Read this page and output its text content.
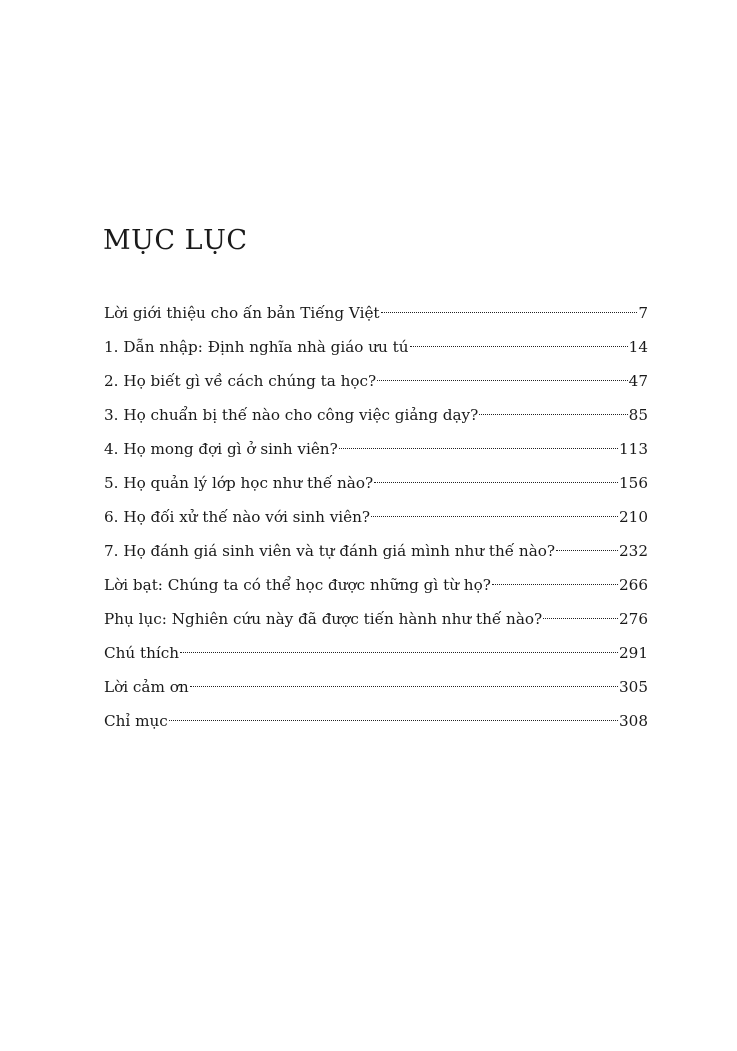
MỤC LỤC
Lời giới thiệu cho ấn bản Tiếng Việt	7
1. Dẫn nhập: Định nghĩa nhà giáo ưu tú	14
2. Họ biết gì về cách chúng ta học?	47
3. Họ chuẩn bị thế nào cho công việc giảng dạy?	85
4. Họ mong đợi gì ở sinh viên?	113
5. Họ quản lý lớp học như thế nào?	156
6. Họ đối xử thế nào với sinh viên?	210
7. Họ đánh giá sinh viên và tự đánh giá mình như thế nào?	232
Lời bạt: Chúng ta có thể học được những gì từ họ?	266
Phụ lục: Nghiên cứu này đã được tiến hành như thế nào?	276
Chú thích	291
Lời cảm ơn	305
Chỉ mục	308
